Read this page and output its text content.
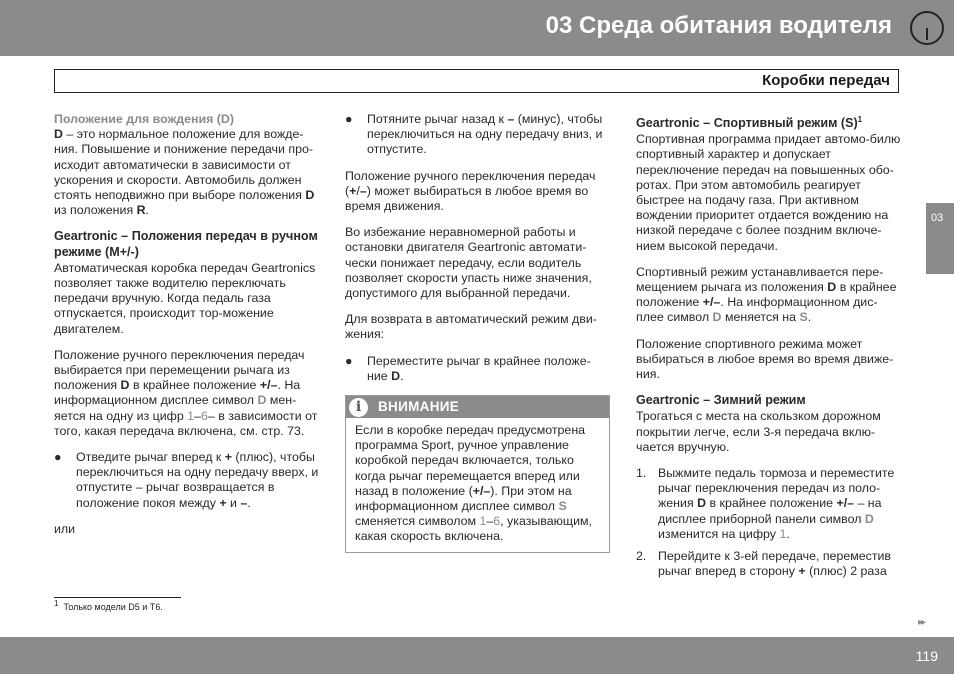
03 Среда обитания водителя
Коробки передач
Положение для вождения (D)

D – это нормальное положение для вожде-ния. Повышение и понижение передачи про-исходит автоматически в зависимости от ускорения и скорости. Автомобиль должен стоять неподвижно при выборе положения D из положения R.

Geartronic – Положения передач в ручном режиме (M+/-)

Автоматическая коробка передач Geartronics позволяет также водителю переключать передачи вручную. Когда педаль газа отпускается, происходит тор-можение двигателем.

Положение ручного переключения передач выбирается при перемещении рычага из положения D в крайнее положение +/–. На информационном дисплее символ D мен-яется на одну из цифр 1–6– в зависимости от того, какая передача включена, см. стр. 73.

● Отведите рычаг вперед к + (плюс), чтобы переключиться на одну передачу вверх, и отпустите – рычаг возвращается в положение покоя между + и –.
или
● Потяните рычаг назад к – (минус), чтобы переключиться на одну передачу вниз, и отпустите.

Положение ручного переключения передач (+/–) может выбираться в любое время во время движения.

Во избежание неравномерной работы и остановки двигателя Geartronic автомати-чески понижает передачу, если водитель позволяет скорости упасть ниже значения, допустимого для выбранной передачи.

Для возврата в автоматический режим дви-жения:

● Переместите рычаг в крайнее положе-ние D.
i	ВНИМАНИЕ
Если в коробке передач предусмотрена программа Sport, ручное управление коробкой передач включается, только когда рычаг перемещается вперед или назад в положение (+/–). При этом на информационном дисплее символ S сменяется символом 1–6, указывающим, какая скорость включена.
Geartronic – Спортивный режим $(S)^1$

Спортивная программа придает автомо-билю спортивный характер и допускает переключение передач на повышенных обо-ротах. При этом автомобиль реагирует быстрее на подачу газа. При активном вождении приоритет отдается вождению на низкой передаче с более поздним включе-нием высокой передачи.

Спортивный режим устанавливается пере-мещением рычага из положения D в крайнее положение +/–. На информационном дис-плее символ D меняется на S.

Положение спортивного режима может выбираться в любое время во время движе-ния.

Geartronic – Зимний режим

Трогаться с места на скользком дорожном покрытии легче, если 3-я передача вклю-чается вручную.

1. Выжмите педаль тормоза и переместите рычаг переключения передач из поло-жения D в крайнее положение +/– – на дисплее приборной панели символ D изменится на цифру 1.
2. Перейдите к 3-ей передаче, переместив рычаг вперед в сторону + (плюс) 2 раза
03
$^1$ Только модели D5 и T6.
▸▸
119
